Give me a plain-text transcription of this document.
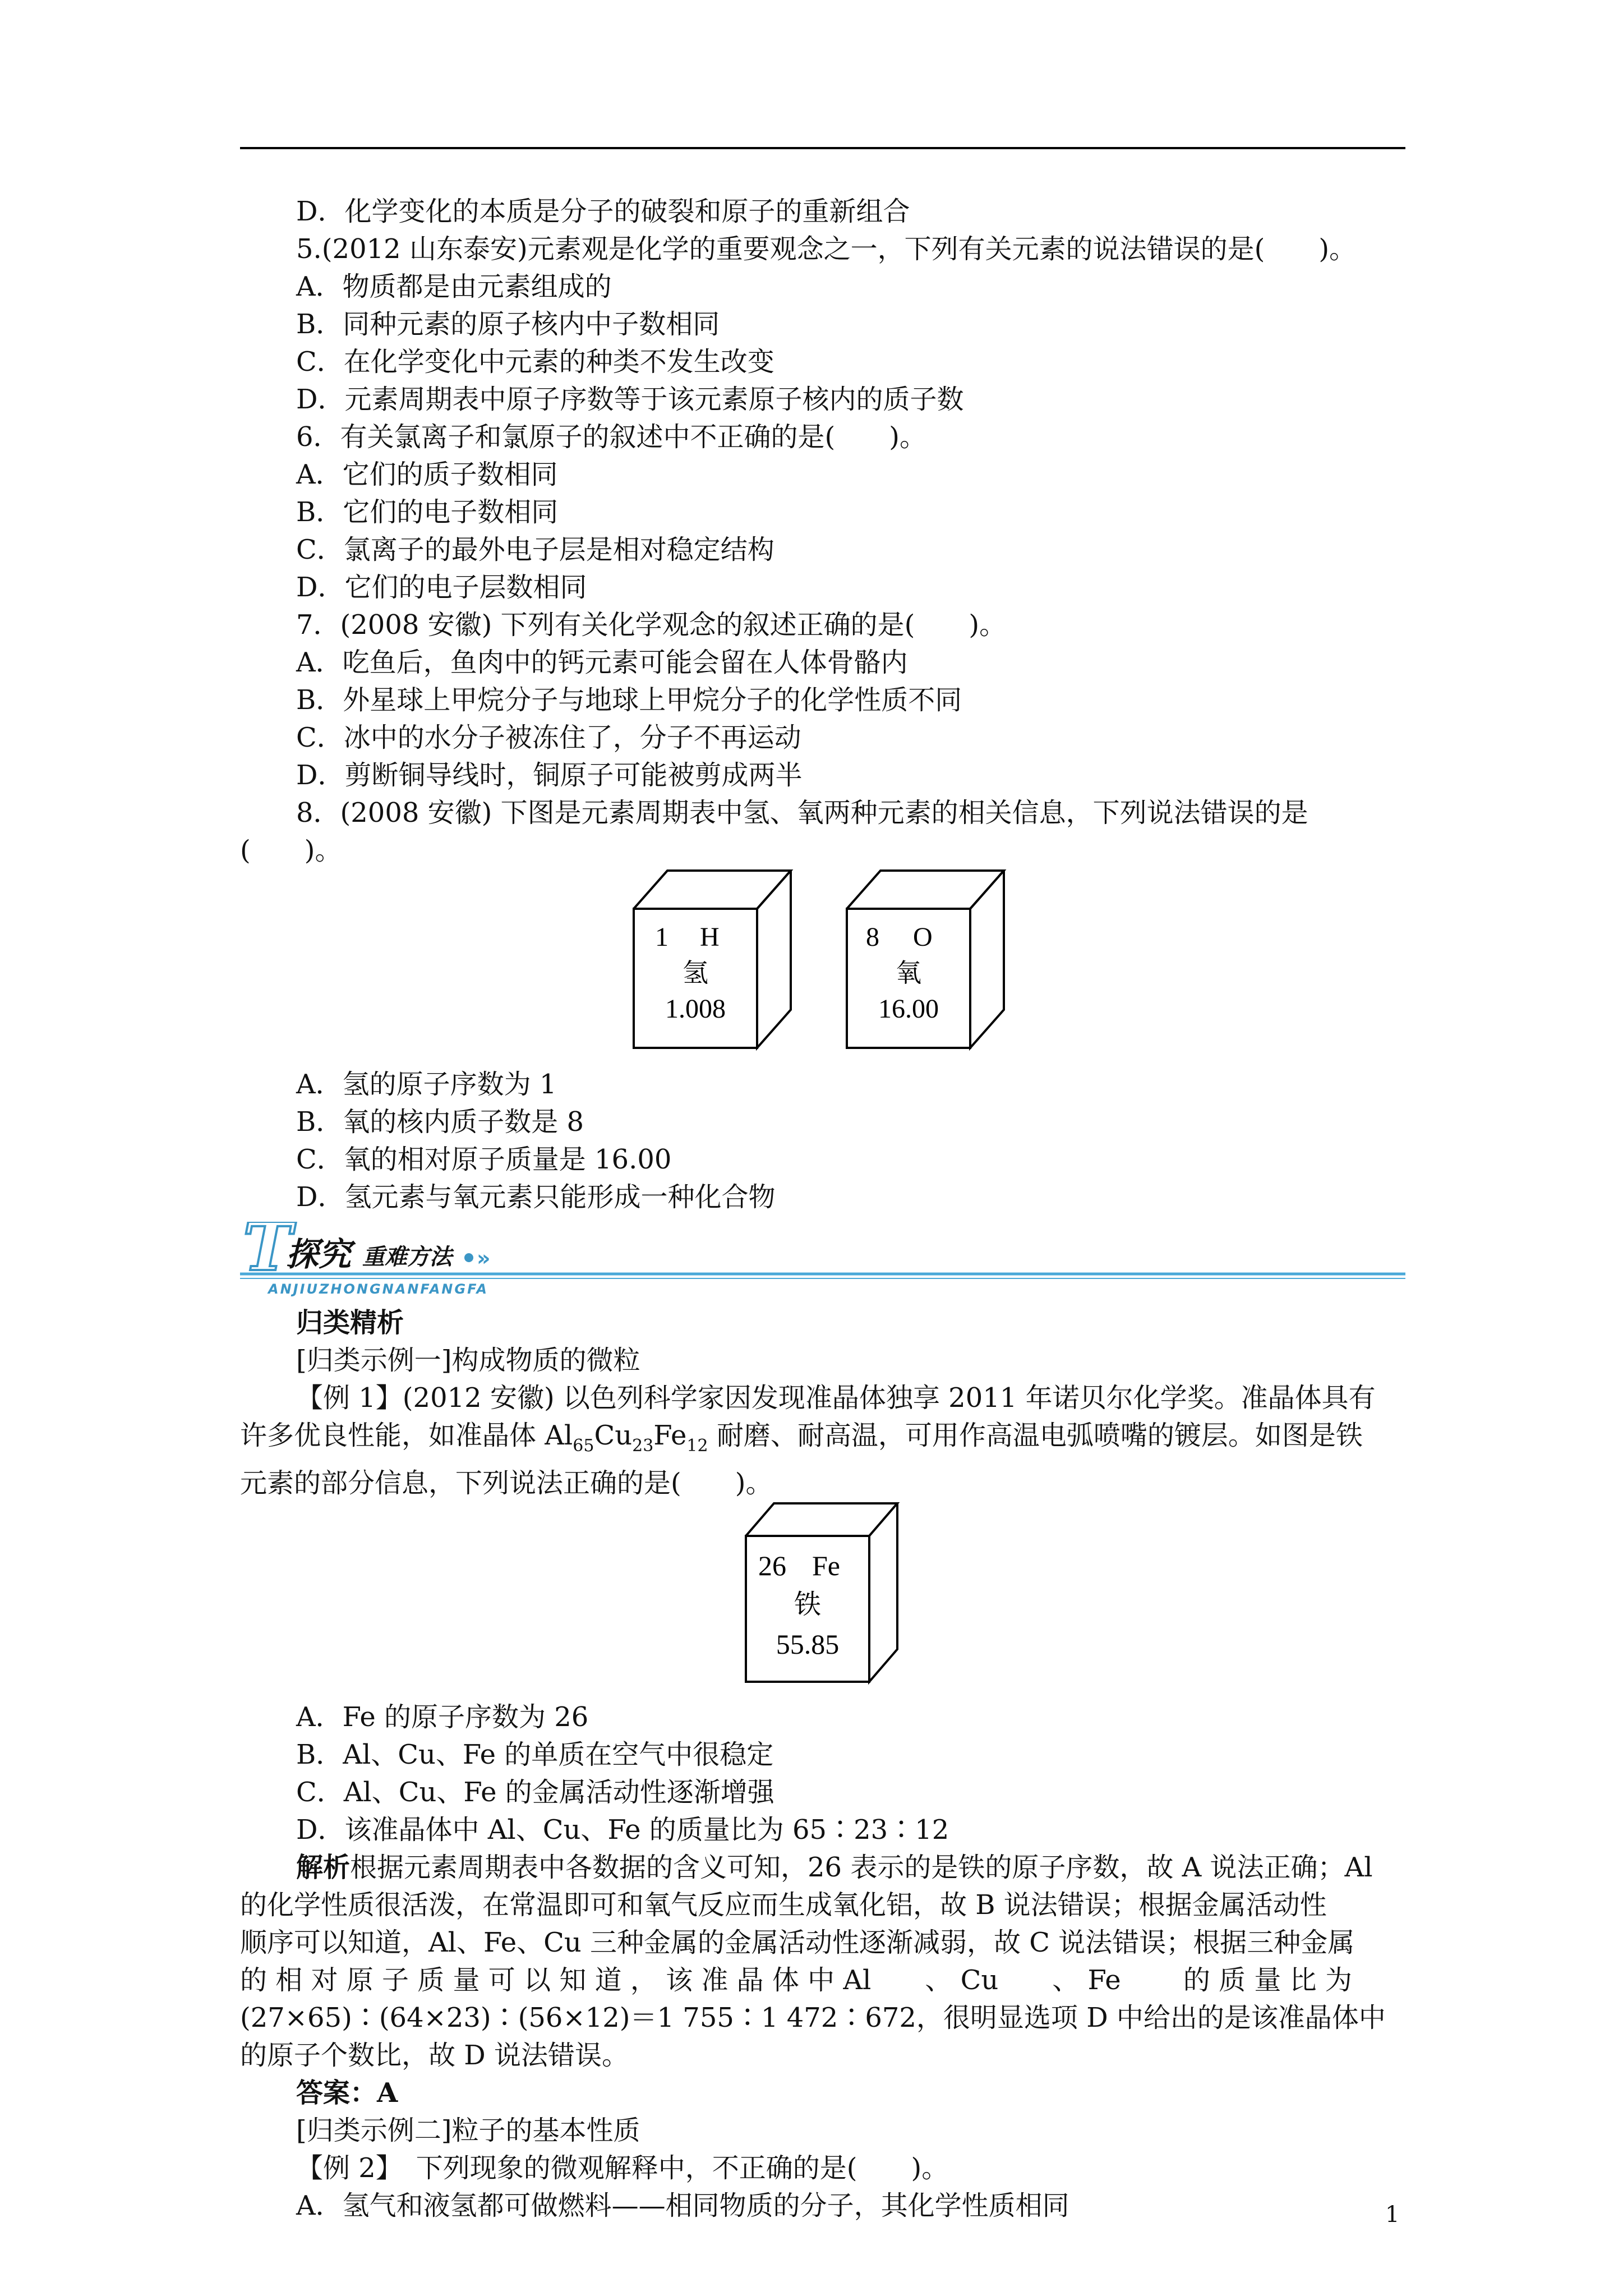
D．化学变化的本质是分子的破裂和原子的重新组合
5.(2012 山东泰安)元素观是化学的重要观念之一，下列有关元素的说法错误的是(　　)。
A．物质都是由元素组成的
B．同种元素的原子核内中子数相同
C．在化学变化中元素的种类不发生改变
D．元素周期表中原子序数等于该元素原子核内的质子数
6．有关氯离子和氯原子的叙述中不正确的是(　　)。
A．它们的质子数相同
B．它们的电子数相同
C．氯离子的最外电子层是相对稳定结构
D．它们的电子层数相同
7．(2008 安徽) 下列有关化学观念的叙述正确的是(　　)。
A．吃鱼后，鱼肉中的钙元素可能会留在人体骨骼内
B．外星球上甲烷分子与地球上甲烷分子的化学性质不同
C．冰中的水分子被冻住了，分子不再运动
D．剪断铜导线时，铜原子可能被剪成两半
8．(2008 安徽) 下图是元素周期表中氢、氧两种元素的相关信息，下列说法错误的是
(　　)。
1 H
氢
1.008
8 O
氧
16.00
A．氢的原子序数为 1
B．氧的核内质子数是 8
C．氧的相对原子质量是 16.00
D．氢元素与氧元素只能形成一种化合物
T
探究 重难方法 »
ANJIUZHONGNANFANGFA
归类精析
[归类示例一]构成物质的微粒
【例 1】(2012 安徽) 以色列科学家因发现准晶体独享 2011 年诺贝尔化学奖。准晶体具有
许多优良性能，如准晶体 $Al_{65}Cu_{23}Fe_{12}$ 耐磨、耐高温，可用作高温电弧喷嘴的镀层。如图是铁
元素的部分信息，下列说法正确的是(　　)。
26 Fe
铁
55.85
A．Fe 的原子序数为 26
B．Al、Cu、Fe 的单质在空气中很稳定
C．Al、Cu、Fe 的金属活动性逐渐增强
D．该准晶体中 Al、Cu、Fe 的质量比为 65∶23∶12
解析根据元素周期表中各数据的含义可知，26 表示的是铁的原子序数，故 A 说法正确；Al
的化学性质很活泼，在常温即可和氧气反应而生成氧化铝，故 B 说法错误；根据金属活动性
顺序可以知道，Al、Fe、Cu 三种金属的金属活动性逐渐减弱，故 C 说法错误；根据三种金属
的 相 对 原 子 质 量 可 以 知 道 ， 该 准 晶 体 中 Al　　、 Cu　　、 Fe　　 的 质 量 比 为
(27×65)∶(64×23)∶(56×12)＝1 755∶1 472∶672，很明显选项 D 中给出的是该准晶体中
的原子个数比，故 D 说法错误。
答案：A
[归类示例二]粒子的基本性质
【例 2】　下列现象的微观解释中，不正确的是(　　)。
A．氢气和液氢都可做燃料——相同物质的分子，其化学性质相同	1
